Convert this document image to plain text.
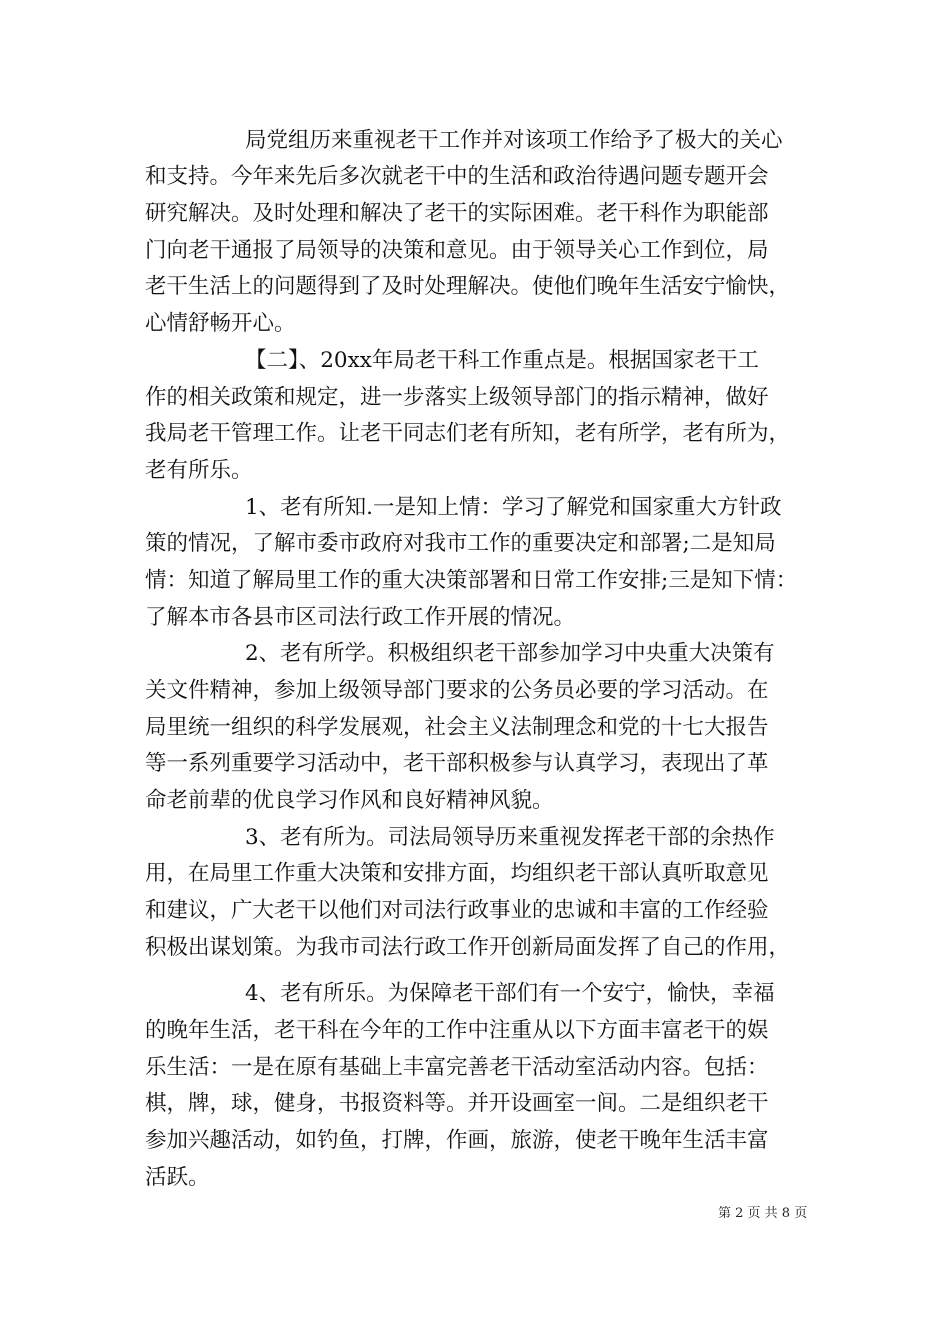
局党组历来重视老干工作并对该项工作给予了极大的关心
和支持。今年来先后多次就老干中的生活和政治待遇问题专题开会
研究解决。及时处理和解决了老干的实际困难。老干科作为职能部
门向老干通报了局领导的决策和意见。由于领导关心工作到位，局
老干生活上的问题得到了及时处理解决。使他们晚年生活安宁愉快，
心情舒畅开心。
【二】、20xx年局老干科工作重点是。根据国家老干工
作的相关政策和规定，进一步落实上级领导部门的指示精神，做好
我局老干管理工作。让老干同志们老有所知，老有所学，老有所为，
老有所乐。
1、老有所知.一是知上情：学习了解党和国家重大方针政
策的情况，了解市委市政府对我市工作的重要决定和部署;二是知局
情：知道了解局里工作的重大决策部署和日常工作安排;三是知下情：
了解本市各县市区司法行政工作开展的情况。
2、老有所学。积极组织老干部参加学习中央重大决策有
关文件精神，参加上级领导部门要求的公务员必要的学习活动。在
局里统一组织的科学发展观，社会主义法制理念和党的十七大报告
等一系列重要学习活动中，老干部积极参与认真学习，表现出了革
命老前辈的优良学习作风和良好精神风貌。
3、老有所为。司法局领导历来重视发挥老干部的余热作
用，在局里工作重大决策和安排方面，均组织老干部认真听取意见
和建议，广大老干以他们对司法行政事业的忠诚和丰富的工作经验
积极出谋划策。为我市司法行政工作开创新局面发挥了自己的作用，
4、老有所乐。为保障老干部们有一个安宁，愉快，幸福
的晚年生活，老干科在今年的工作中注重从以下方面丰富老干的娱
乐生活：一是在原有基础上丰富完善老干活动室活动内容。包括：
棋，牌，球，健身，书报资料等。并开设画室一间。二是组织老干
参加兴趣活动，如钓鱼，打牌，作画，旅游，使老干晚年生活丰富
活跃。
第 2 页 共 8 页
